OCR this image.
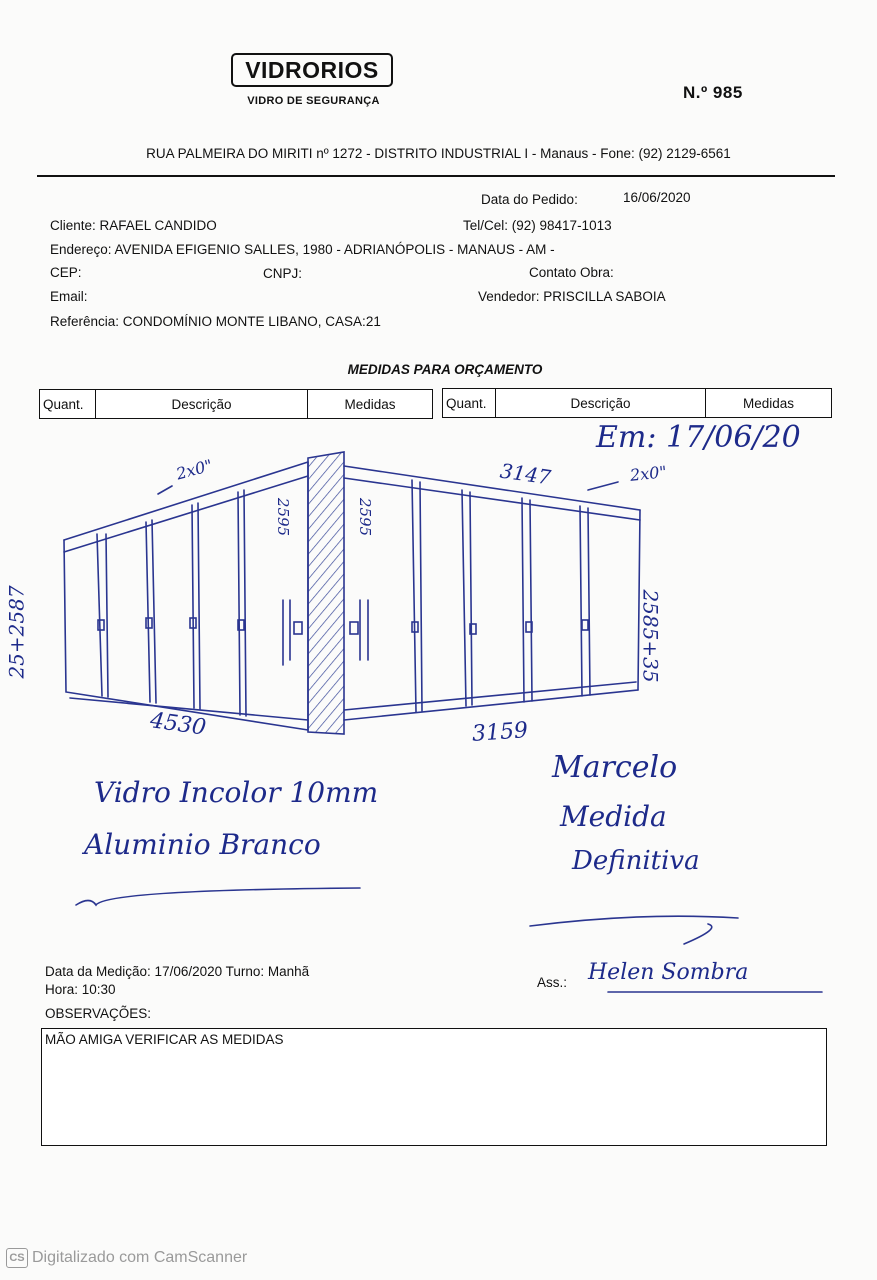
VIDRORIOS
VIDRO DE SEGURANÇA	N.º 985
RUA PALMEIRA DO MIRITI nº 1272 - DISTRITO INDUSTRIAL I - Manaus - Fone: (92) 2129-6561
Data do Pedido:	16/06/2020
Cliente: RAFAEL CANDIDO	Tel/Cel: (92) 98417-1013
Endereço: AVENIDA EFIGENIO SALLES, 1980 - ADRIANÓPOLIS - MANAUS - AM -
CEP:	CNPJ:	Contato Obra:
Email:	Vendedor: PRISCILLA SABOIA
Referência: CONDOMÍNIO MONTE LIBANO, CASA:21
MEDIDAS PARA ORÇAMENTO
Quant.	Descrição	Medidas	Quant.	Descrição	Medidas
Em: 17/06/20
2x0"	3147	2x0"
25+2587	2585+35
2595	2595
4530	3159
Vidro Incolor 10mm
Aluminio Branco
Marcelo
Medida
Definitiva
Data da Medição: 17/06/2020 Turno: Manhã
Hora: 10:30	Ass.: Helen Sombra
OBSERVAÇÕES:
MÃO AMIGA VERIFICAR AS MEDIDAS
CS Digitalizado com CamScanner
